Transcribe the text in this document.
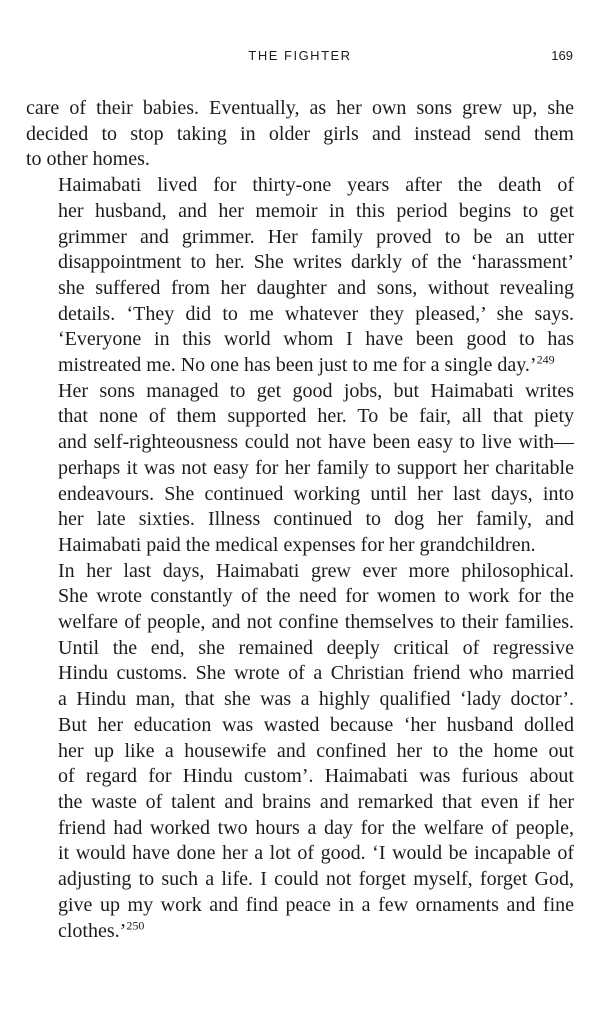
THE FIGHTER	169

care of their babies. Eventually, as her own sons grew up, she
decided to stop taking in older girls and instead send them
to other homes.

Haimabati lived for thirty-one years after the death of
her husband, and her memoir in this period begins to get
grimmer and grimmer. Her family proved to be an utter
disappointment to her. She writes darkly of the ‘harassment’
she suffered from her daughter and sons, without revealing
details. ‘They did to me whatever they pleased,’ she says.
‘Everyone in this world whom I have been good to has
mistreated me. No one has been just to me for a single day.’$^{249}$

Her sons managed to get good jobs, but Haimabati writes
that none of them supported her. To be fair, all that piety
and self-righteousness could not have been easy to live with—
perhaps it was not easy for her family to support her charitable
endeavours. She continued working until her last days, into
her late sixties. Illness continued to dog her family, and
Haimabati paid the medical expenses for her grandchildren.

In her last days, Haimabati grew ever more philosophical.
She wrote constantly of the need for women to work for the
welfare of people, and not confine themselves to their families.
Until the end, she remained deeply critical of regressive
Hindu customs. She wrote of a Christian friend who married
a Hindu man, that she was a highly qualified ‘lady doctor’.
But her education was wasted because ‘her husband dolled
her up like a housewife and confined her to the home out
of regard for Hindu custom’. Haimabati was furious about
the waste of talent and brains and remarked that even if her
friend had worked two hours a day for the welfare of people,
it would have done her a lot of good. ‘I would be incapable of
adjusting to such a life. I could not forget myself, forget God,
give up my work and find peace in a few ornaments and fine
clothes.’$^{250}$
